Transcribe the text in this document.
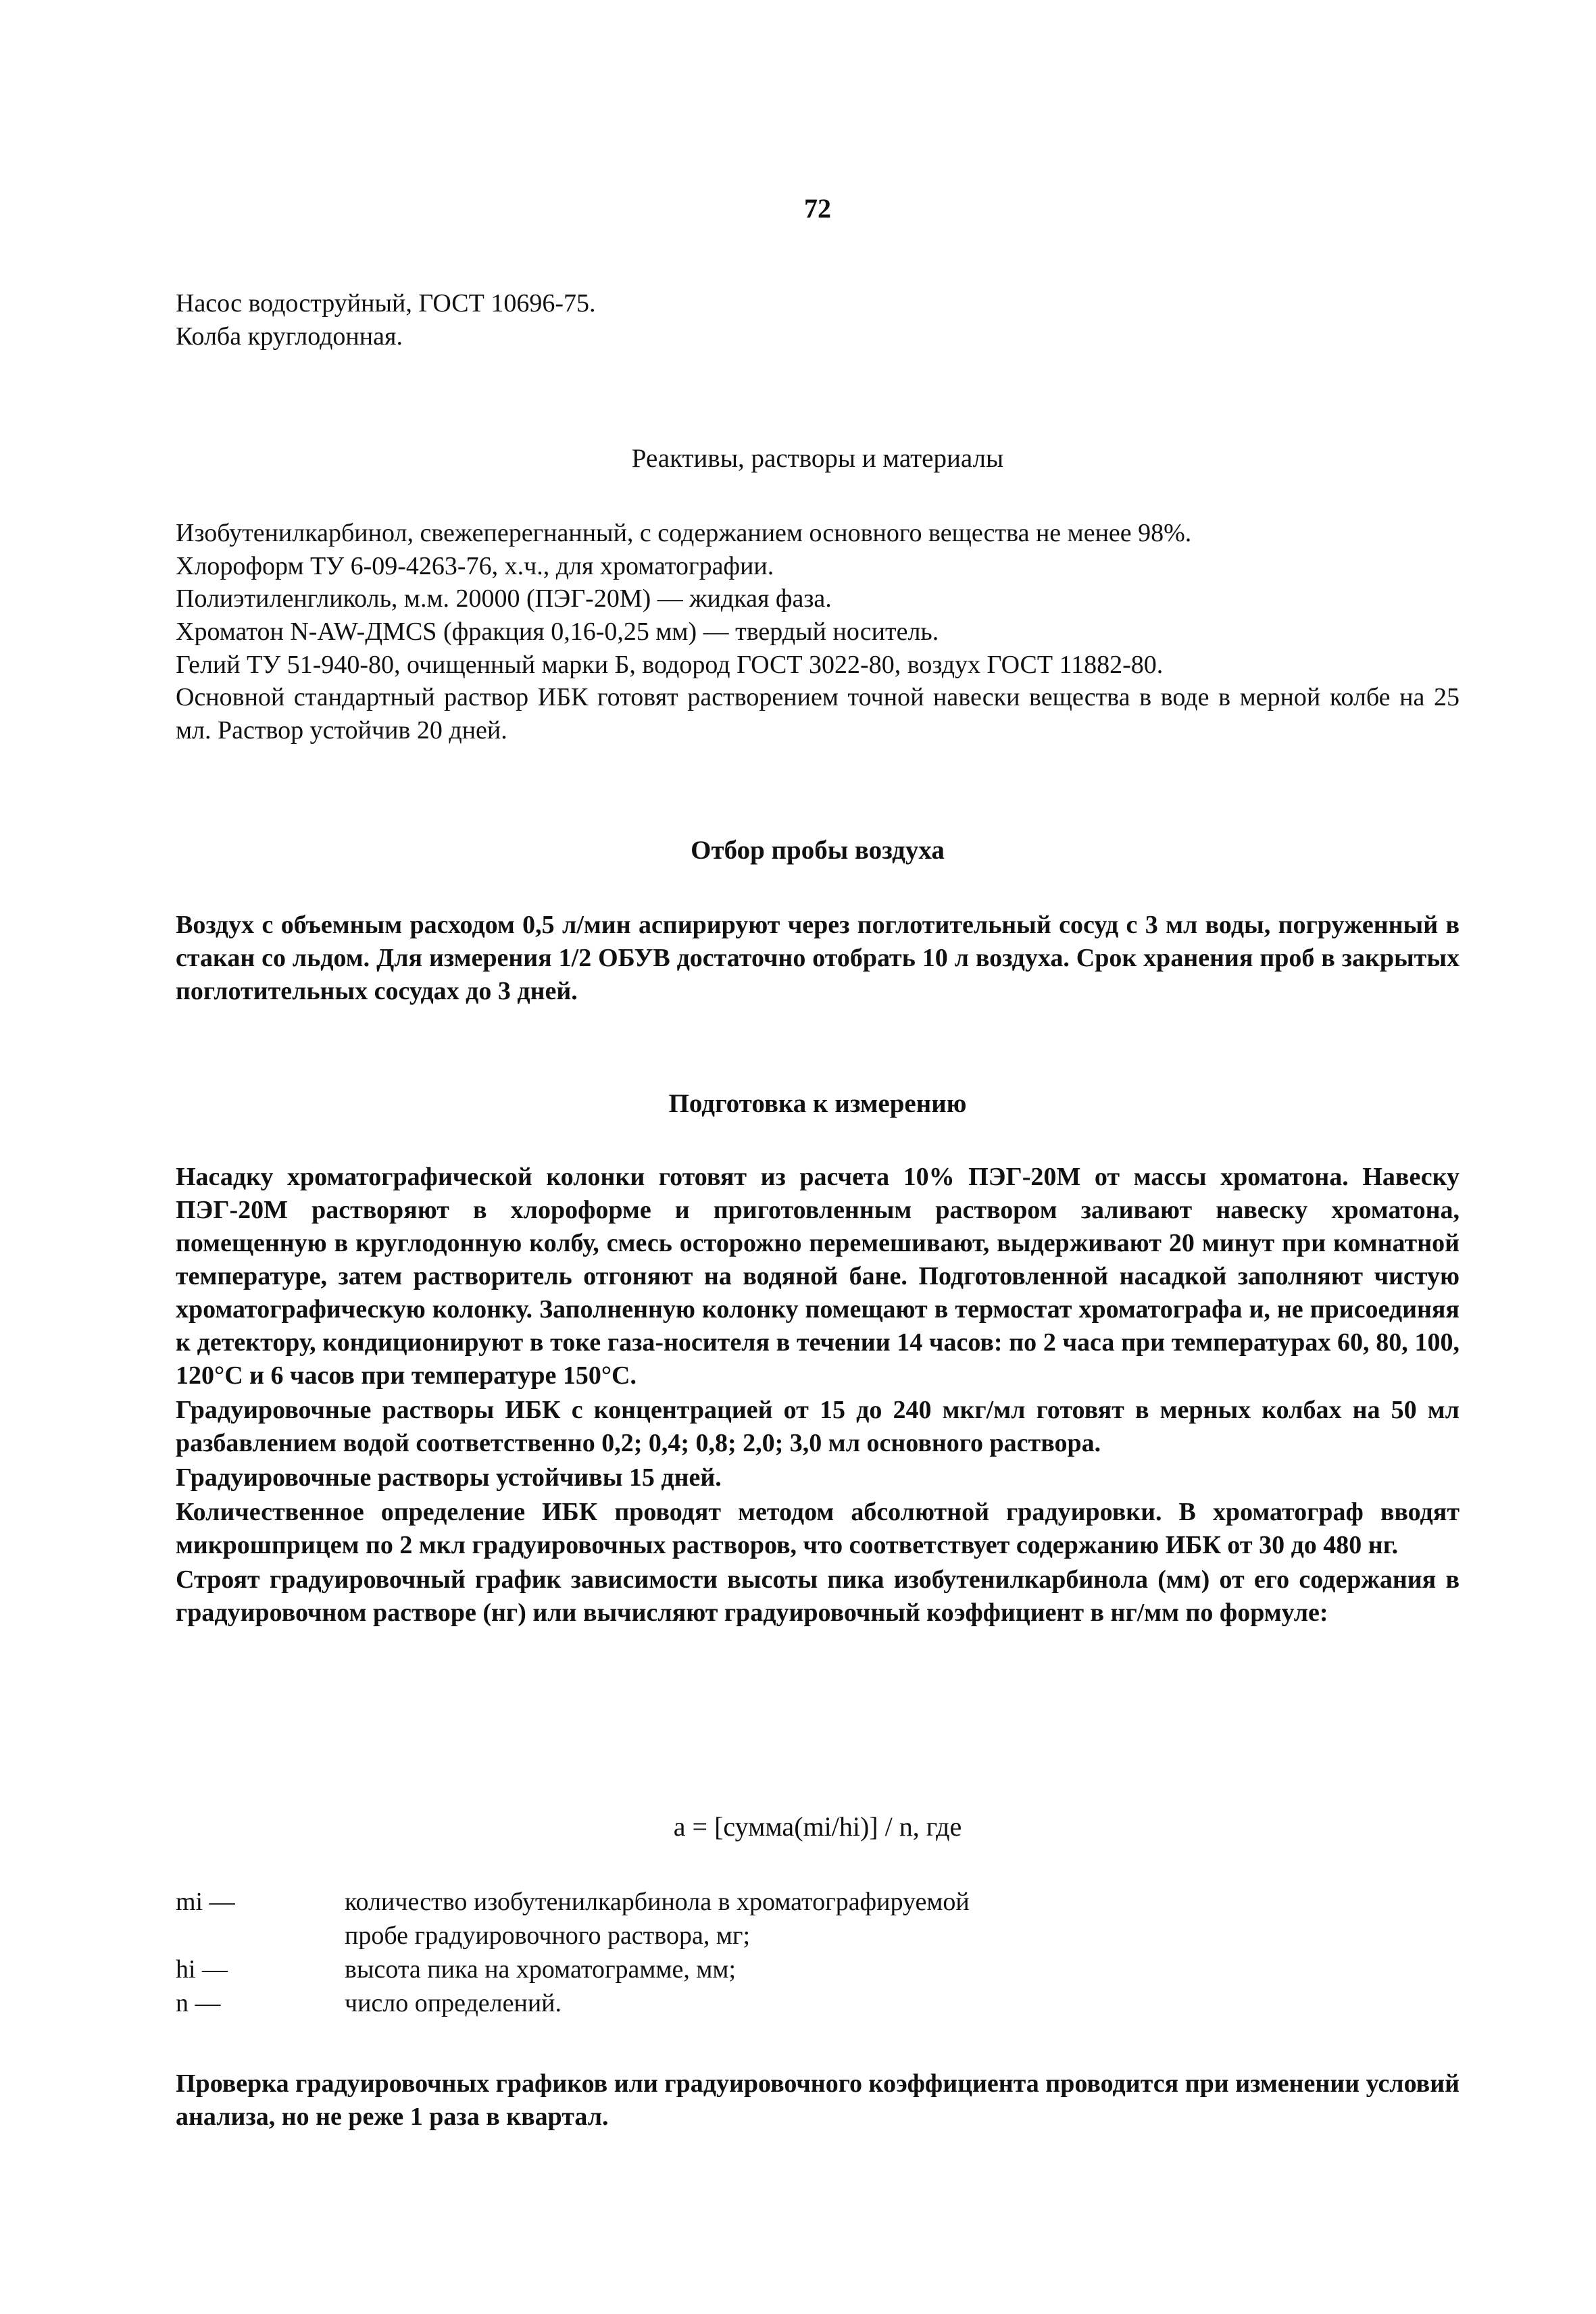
72
Насос водоструйный, ГОСТ 10696-75.
Колба круглодонная.
Реактивы, растворы и материалы
Изобутенилкарбинол, свежеперегнанный, с содержанием основного вещества не менее 98%.
Хлороформ ТУ 6-09-4263-76, х.ч., для хроматографии.
Полиэтиленгликоль, м.м. 20000 (ПЭГ-20М) — жидкая фаза.
Хроматон N-AW-ДМCS (фракция 0,16-0,25 мм) — твердый носитель.
Гелий ТУ 51-940-80, очищенный марки Б, водород ГОСТ 3022-80, воздух ГОСТ 11882-80.
Основной стандартный раствор ИБК готовят растворением точной навески вещества в воде в мерной колбе на 25 мл. Раствор устойчив 20 дней.
Отбор пробы воздуха
Воздух с объемным расходом 0,5 л/мин аспирируют через поглотительный сосуд с 3 мл воды, погруженный в стакан со льдом. Для измерения 1/2 ОБУВ достаточно отобрать 10 л воздуха. Срок хранения проб в закрытых поглотительных сосудах до 3 дней.
Подготовка к измерению

Насадку хроматографической колонки готовят из расчета 10% ПЭГ-20М от массы хроматона. Навеску ПЭГ-20М растворяют в хлороформе и приготовленным раствором заливают навеску хроматона, помещенную в круглодонную колбу, смесь осторожно перемешивают, выдерживают 20 минут при комнатной температуре, затем растворитель отгоняют на водяной бане. Подготовленной насадкой заполняют чистую хроматографическую колонку. Заполненную колонку помещают в термостат хроматографа и, не присоединяя к детектору, кондиционируют в токе газа-носителя в течении 14 часов: по 2 часа при температурах 60, 80, 100, 120°С и 6 часов при температуре 150°С.

Градуировочные растворы ИБК с концентрацией от 15 до 240 мкг/мл готовят в мерных колбах на 50 мл разбавлением водой соответственно 0,2; 0,4; 0,8; 2,0; 3,0 мл основного раствора.

Градуировочные растворы устойчивы 15 дней.

Количественное определение ИБК проводят методом абсолютной градуировки. В хроматограф вводят микрошприцем по 2 мкл градуировочных растворов, что соответствует содержанию ИБК от 30 до 480 нг.

Строят градуировочный график зависимости высоты пика изобутенилкарбинола (мм) от его содержания в градуировочном растворе (нг) или вычисляют градуировочный коэффициент в нг/мм по формуле:

a = [сумма(mi/hi)] / n, где
mi —	количество изобутенилкарбинола в хроматографируемой
пробе градуировочного раствора, мг;
hi —	высота пика на хроматограмме, мм;
n —	число определений.
Проверка градуировочных графиков или градуировочного коэффициента проводится при изменении условий анализа, но не реже 1 раза в квартал.
